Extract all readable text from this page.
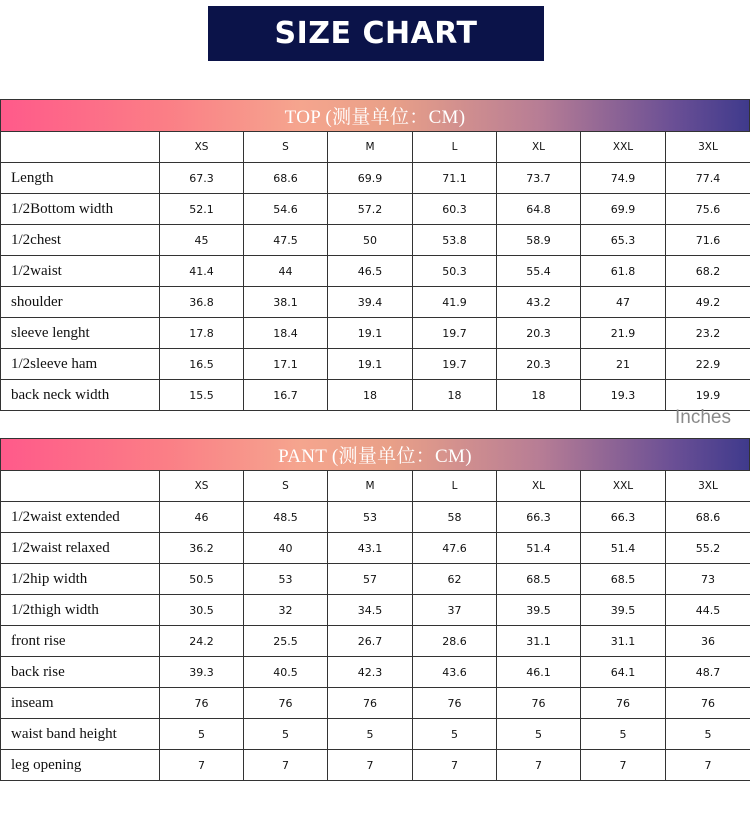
SIZE CHART
TOP (测量单位：CM)
	XS	S	M	L	XL	XXL	3XL
Length	67.3	68.6	69.9	71.1	73.7	74.9	77.4
1/2Bottom width	52.1	54.6	57.2	60.3	64.8	69.9	75.6
1/2chest	45	47.5	50	53.8	58.9	65.3	71.6
1/2waist	41.4	44	46.5	50.3	55.4	61.8	68.2
shoulder	36.8	38.1	39.4	41.9	43.2	47	49.2
sleeve lenght	17.8	18.4	19.1	19.7	20.3	21.9	23.2
1/2sleeve ham	16.5	17.1	19.1	19.7	20.3	21	22.9
back neck width	15.5	16.7	18	18	18	19.3	19.9
Inches
PANT (测量单位：CM)
	XS	S	M	L	XL	XXL	3XL
1/2waist extended	46	48.5	53	58	66.3	66.3	68.6
1/2waist relaxed	36.2	40	43.1	47.6	51.4	51.4	55.2
1/2hip width	50.5	53	57	62	68.5	68.5	73
1/2thigh width	30.5	32	34.5	37	39.5	39.5	44.5
front rise	24.2	25.5	26.7	28.6	31.1	31.1	36
back rise	39.3	40.5	42.3	43.6	46.1	64.1	48.7
inseam	76	76	76	76	76	76	76
waist band height	5	5	5	5	5	5	5
leg opening	7	7	7	7	7	7	7
